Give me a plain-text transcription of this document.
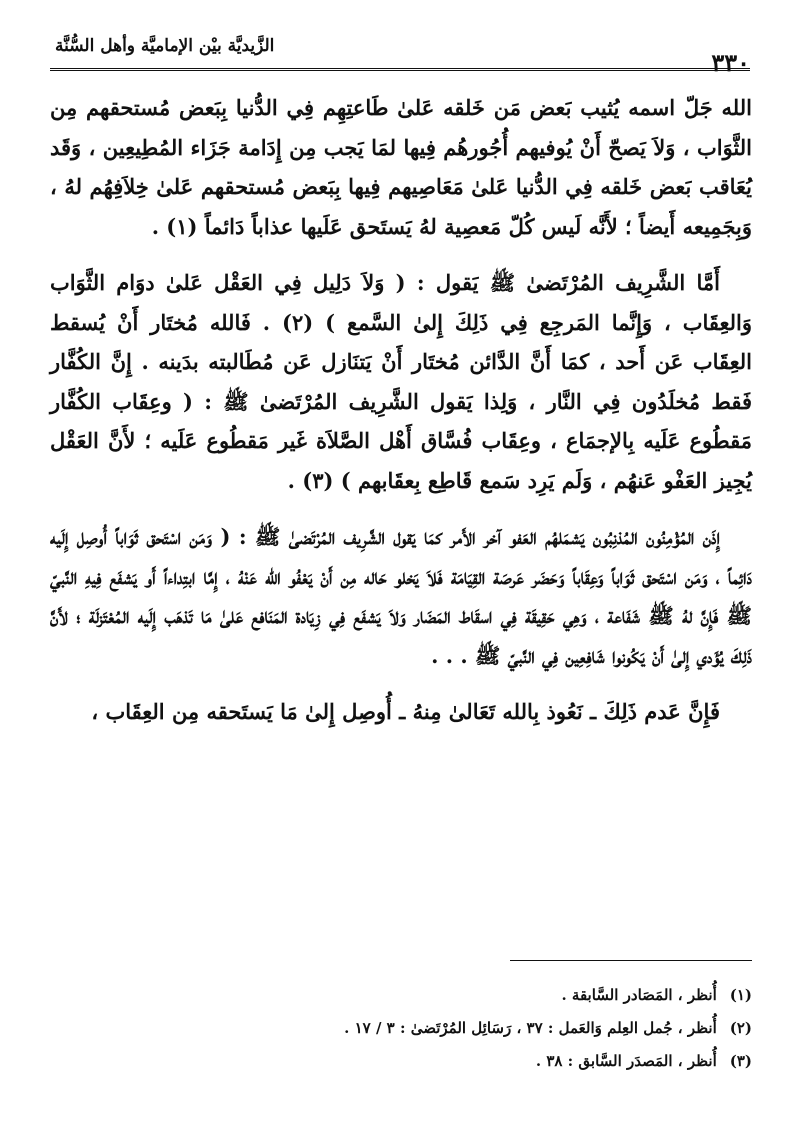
الزَّيديَّة بيْن الإماميَّة وأهل السُّنَّة
٣٣٠

الله جَلّ اسمه يُثيب بَعض مَن خَلقه عَلىٰ طَاعتِهِم فِي الدُّنيا بِبَعض مُستحقهم مِن الثَّوَاب ، وَلاَ يَصحّ أَنْ يُوفيهم أُجُورهُم فِيها لمَا يَجب مِن إِدَامة جَزَاء المُطِيعِين ، وَقَد يُعَاقب بَعض خَلقه فِي الدُّنيا عَلىٰ مَعَاصِيهم فِيها بِبَعض مُستحقهم عَلىٰ خِلاَفِهُم لهُ ، وَبِجَمِيعه أَيضاً ؛ لأَنَّه لَيس كُلّ مَعصِية لهُ يَستَحق عَلَيها عذاباً دَائماً (١) .

أَمَّا الشَّرِيف المُرْتَضىٰ ﷺ يَقول : ( وَلاَ دَلِيل فِي العَقْل عَلىٰ دوَام الثَّوَاب وَالعِقَاب ، وَإِنَّما المَرجِع فِي ذَلِكَ إِلىٰ السَّمع ) (٢) . فَالله مُختَار أَنْ يُسقط العِقَاب عَن أَحد ، كمَا أَنَّ الدَّائن مُختَار أَنْ يَتنَازل عَن مُطَالبته بدَينه . إِنَّ الكُفَّار فَقط مُخلَدُون فِي النَّار ، وَلِذا يَقول الشَّرِيف المُرْتَضىٰ ﷺ : ( وعِقَاب الكُفَّار مَقطُوع عَلَيه بِالإجمَاع ، وعِقَاب فُسَّاق أَهْل الصَّلاَة غَير مَقطُوع عَلَيه ؛ لأَنَّ العَقْل يُجِيز العَفْو عَنهُم ، وَلَم يَرِد سَمع قَاطِع بِعقَابهم ) (٣) .

إِذَن المُؤْمِنُون المُذنِبُون يَشمَلهُم العَفو آخر الأَمر كمَا يَقول الشَّرِيف المُرْتَضىٰ ﷺ : ( وَمَن اسْتَحق ثَوَاباً أُوصِل إِلَيه دَائِماً ، وَمَن اسْتَحق ثَوَاباً وَعِقَاباً وَحَضَر عَرصَة القِيَامَة فَلاَ يَخلو حَاله مِن أَنْ يَعْفُو الله عَنْهُ ، إِمَّا ابتِداءاً أَو يَشفَع فِيهِ النَّبيّ ﷺ فَإِنَّ لهُ ﷺ شَفَاعة ، وَهِي حَقِيقَة فِي اسقَاط المَضَار وَلاَ يَشفَع فِي زِيَادة المَنَافع عَلىٰ مَا تَذهَب إِلَيه المُعْتَزلَة ؛ لأَنَّ ذَلِكَ يُؤَدي إِلىٰ أَنْ يَكُونوا شَافِعِين فِي النَّبيّ ﷺ . . .

فَإِنَّ عَدم ذَلِكَ ـ نَعُوذ بِالله تَعَالىٰ مِنهُ ـ أُوصِل إِلىٰ مَا يَستَحقه مِن العِقَاب ،

(١) أُنظر ، المَصَادر السَّابقة .
(٢) أُنظر ، جُمل العِلم وَالعَمل : ٣٧ ، رَسَائِل المُرْتَضىٰ : ٣ / ١٧ .
(٣) أُنظر ، المَصدَر السَّابق : ٣٨ .
